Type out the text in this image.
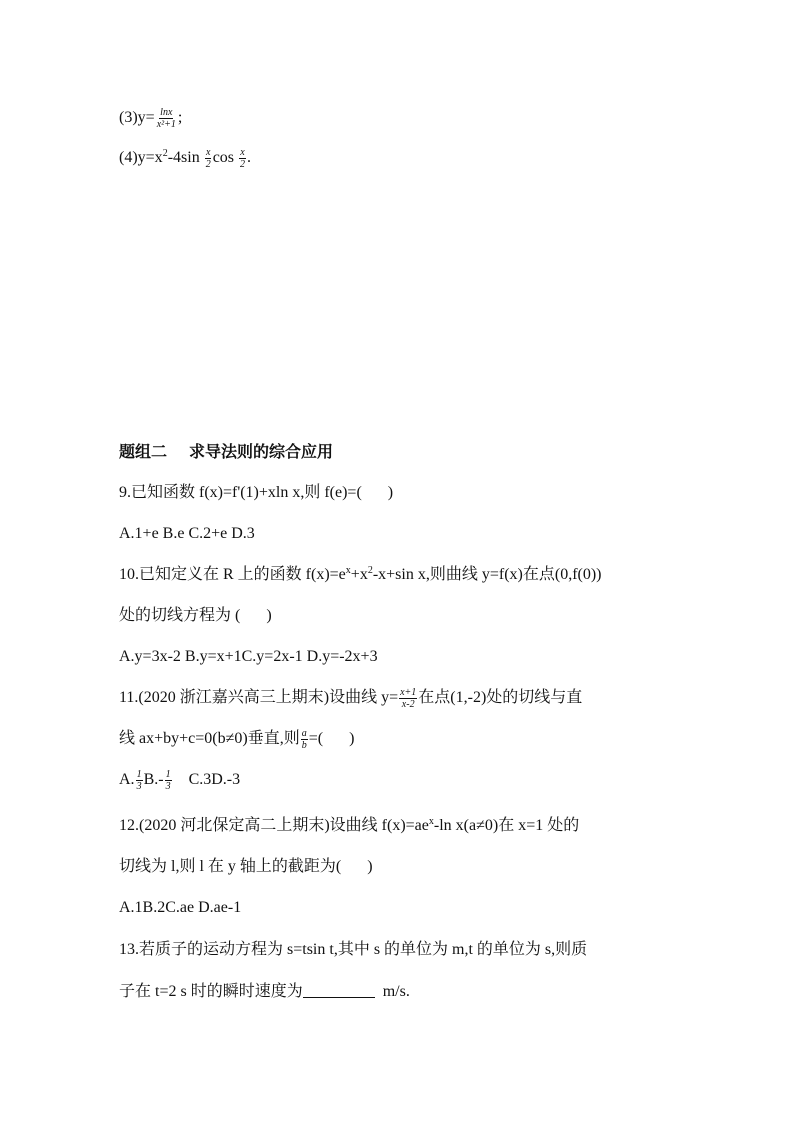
$(3)y= \frac{\ln x}{\text{x²+1}}$ ;
$(4)y=x^2-4\sin \frac{x}{2}$ $\cos \frac{x}{2}$ .
题组二 求导法则的综合应用
9.已知函数 f(x)=f'(1)+xln x,则 f(e)=( )
A.1+e B.e C.2+e D.3
10.已知定义在 R 上的函数 $f(x)=e^x+x^2-x+\sin$ x,则曲线 y=f(x)在点(0,f(0))
处的切线方程为 ( )
A.y=3x-2 B.y=x+1C.y=2x-1 D.y=-2x+3
11.(2020 浙江嘉兴高三上期末)设曲线 $y= \frac{x+1}{x-2}$ 在点(1,-2)处的切线与直
线 ax+by+c=0(b≠0)垂直,则 $\frac{a}{b}$ =( )
A. $\frac{1}{3} B.- \frac{1}{3} C.3D.-3$
12.(2020 河北保定高二上期末)设曲线 $f(x)=ae^x-\ln$ x(a≠0)在 x=1 处的
切线为 l,则 l 在 y 轴上的截距为( )
A.1B.2C.ae D.ae-1
13.若质子的运动方程为 s=tsin t,其中 s 的单位为 m,t 的单位为 s,则质
子在 t=2 s 时的瞬时速度为	m/s.
